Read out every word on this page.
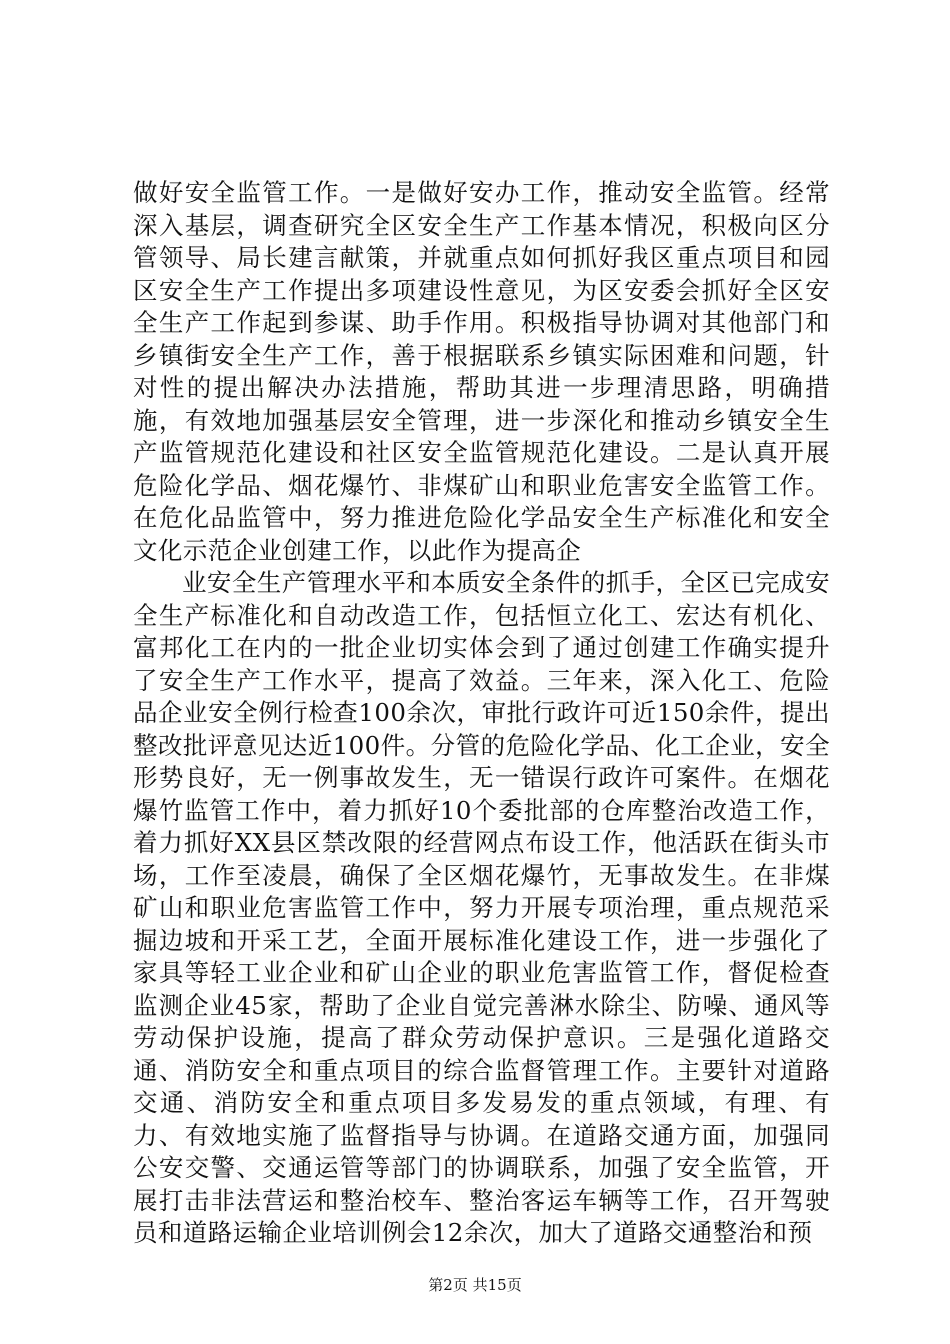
做好安全监管工作。一是做好安办工作，推动安全监管。经常深入基层，调查研究全区安全生产工作基本情况，积极向区分管领导、局长建言献策，并就重点如何抓好我区重点项目和园区安全生产工作提出多项建设性意见，为区安委会抓好全区安全生产工作起到参谋、助手作用。积极指导协调对其他部门和乡镇街安全生产工作，善于根据联系乡镇实际困难和问题，针对性的提出解决办法措施，帮助其进一步理清思路，明确措施，有效地加强基层安全管理，进一步深化和推动乡镇安全生产监管规范化建设和社区安全监管规范化建设。二是认真开展危险化学品、烟花爆竹、非煤矿山和职业危害安全监管工作。在危化品监管中，努力推进危险化学品安全生产标准化和安全文化示范企业创建工作，以此作为提高企

业安全生产管理水平和本质安全条件的抓手，全区已完成安全生产标准化和自动改造工作，包括恒立化工、宏达有机化、富邦化工在内的一批企业切实体会到了通过创建工作确实提升了安全生产工作水平，提高了效益。三年来，深入化工、危险品企业安全例行检查100余次，审批行政许可近150余件，提出整改批评意见达近100件。分管的危险化学品、化工企业，安全形势良好，无一例事故发生，无一错误行政许可案件。在烟花爆竹监管工作中，着力抓好10个委批部的仓库整治改造工作，着力抓好XX县区禁改限的经营网点布设工作，他活跃在街头市场，工作至凌晨，确保了全区烟花爆竹，无事故发生。在非煤矿山和职业危害监管工作中，努力开展专项治理，重点规范采掘边坡和开采工艺，全面开展标准化建设工作，进一步强化了家具等轻工业企业和矿山企业的职业危害监管工作，督促检查监测企业45家，帮助了企业自觉完善淋水除尘、防噪、通风等劳动保护设施，提高了群众劳动保护意识。三是强化道路交通、消防安全和重点项目的综合监督管理工作。主要针对道路交通、消防安全和重点项目多发易发的重点领域，有理、有力、有效地实施了监督指导与协调。在道路交通方面，加强同公安交警、交通运管等部门的协调联系，加强了安全监管，开展打击非法营运和整治校车、整治客运车辆等工作，召开驾驶员和道路运输企业培训例会12余次，加大了道路交通整治和预

第2页 共15页
